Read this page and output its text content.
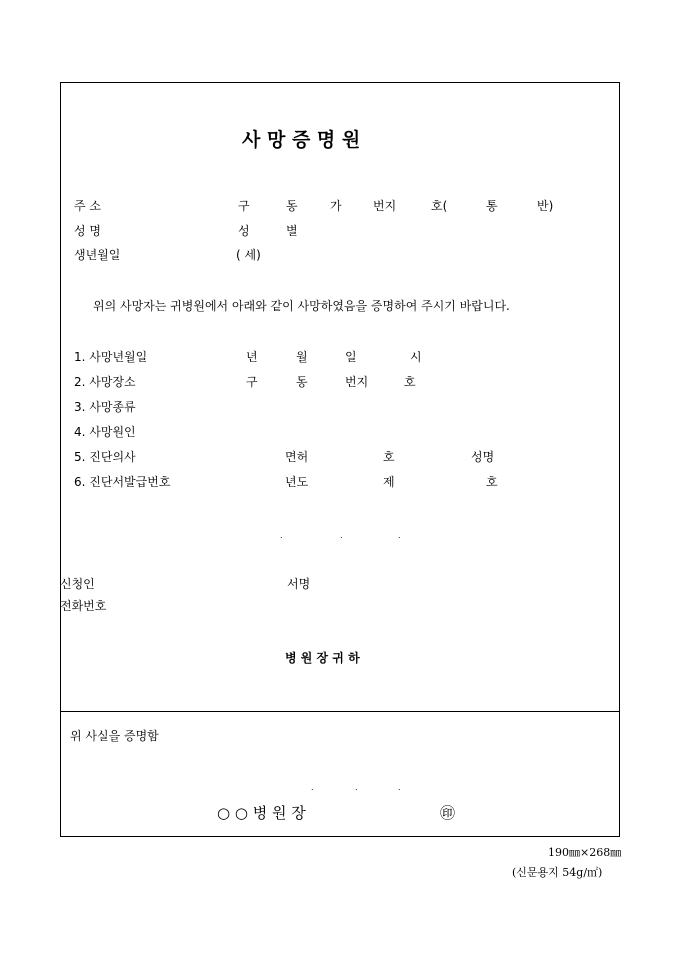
사 망 증 명 원
주 소	구	동	가	번지	호(	통	반)
성 명	성	별
생년월일	( 세)
위의 사망자는 귀병원에서 아래와 같이 사망하였음을 증명하여 주시기 바랍니다.
1. 사망년월일	년	월	일	시
2. 사망장소	구	동	번지	호
3. 사망종류
4. 사망원인
5. 진단의사	면허	호	성명
6. 진단서발급번호	년도	제	호
.	.	.
신청인	서명
전화번호
병 원 장 귀 하
위 사실을 증명함
.	.	.
○ ○ 병 원 장	㊞
190㎜×268㎜
(신문용지 54g/㎡)
